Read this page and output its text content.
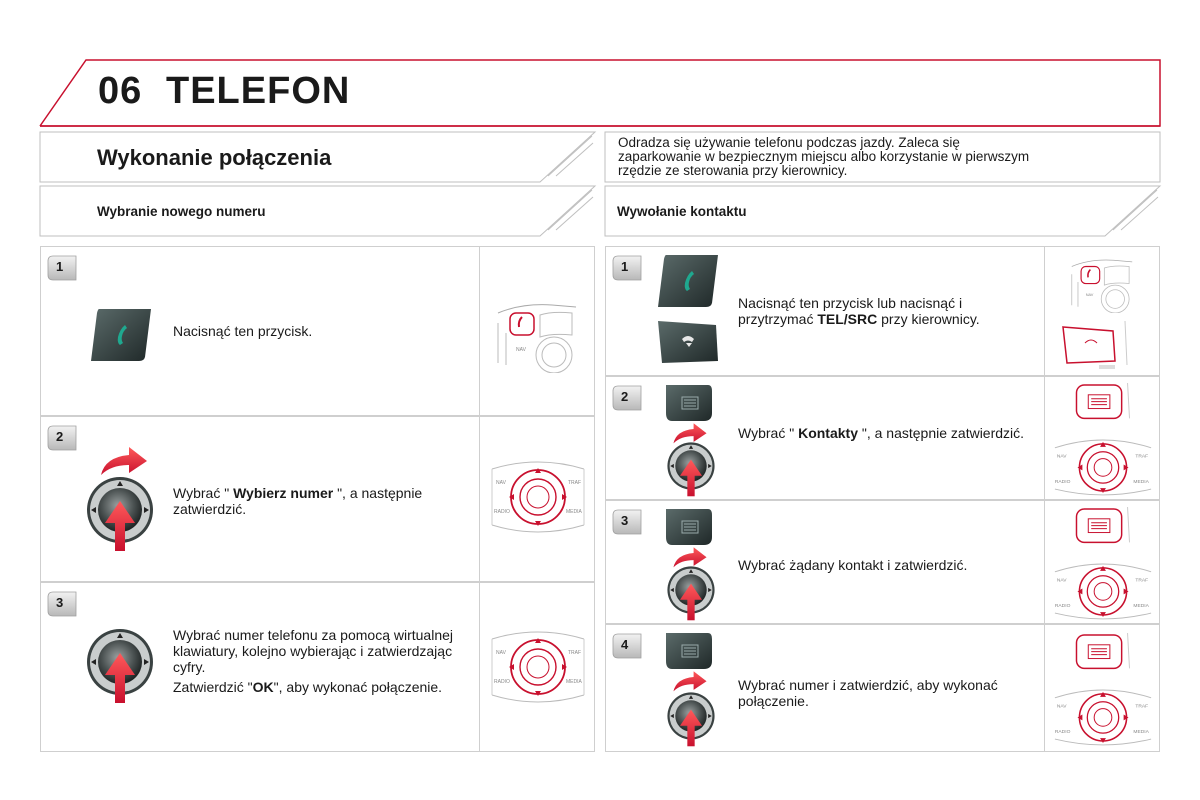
06 TELEFON
Wykonanie połączenia
Odradza się używanie telefonu podczas jazdy. Zaleca się zaparkowanie w bezpiecznym miejscu albo korzystanie w pierwszym rzędzie ze sterowania przy kierownicy.
Wybranie nowego numeru	Wywołanie kontaktu
1
Nacisnąć ten przycisk.
2
Wybrać " Wybierz numer ", a następnie zatwierdzić.
3

Wybrać numer telefonu za pomocą wirtualnej klawiatury, kolejno wybierając i zatwierdzając cyfry.

Zatwierdzić "OK", aby wykonać połączenie.

1
Nacisnąć ten przycisk lub nacisnąć i przytrzymać TEL/SRC przy kierownicy.
2
Wybrać " Kontakty ", a następnie zatwierdzić.
3
Wybrać żądany kontakt i zatwierdzić.
4
Wybrać numer i zatwierdzić, aby wykonać połączenie.
